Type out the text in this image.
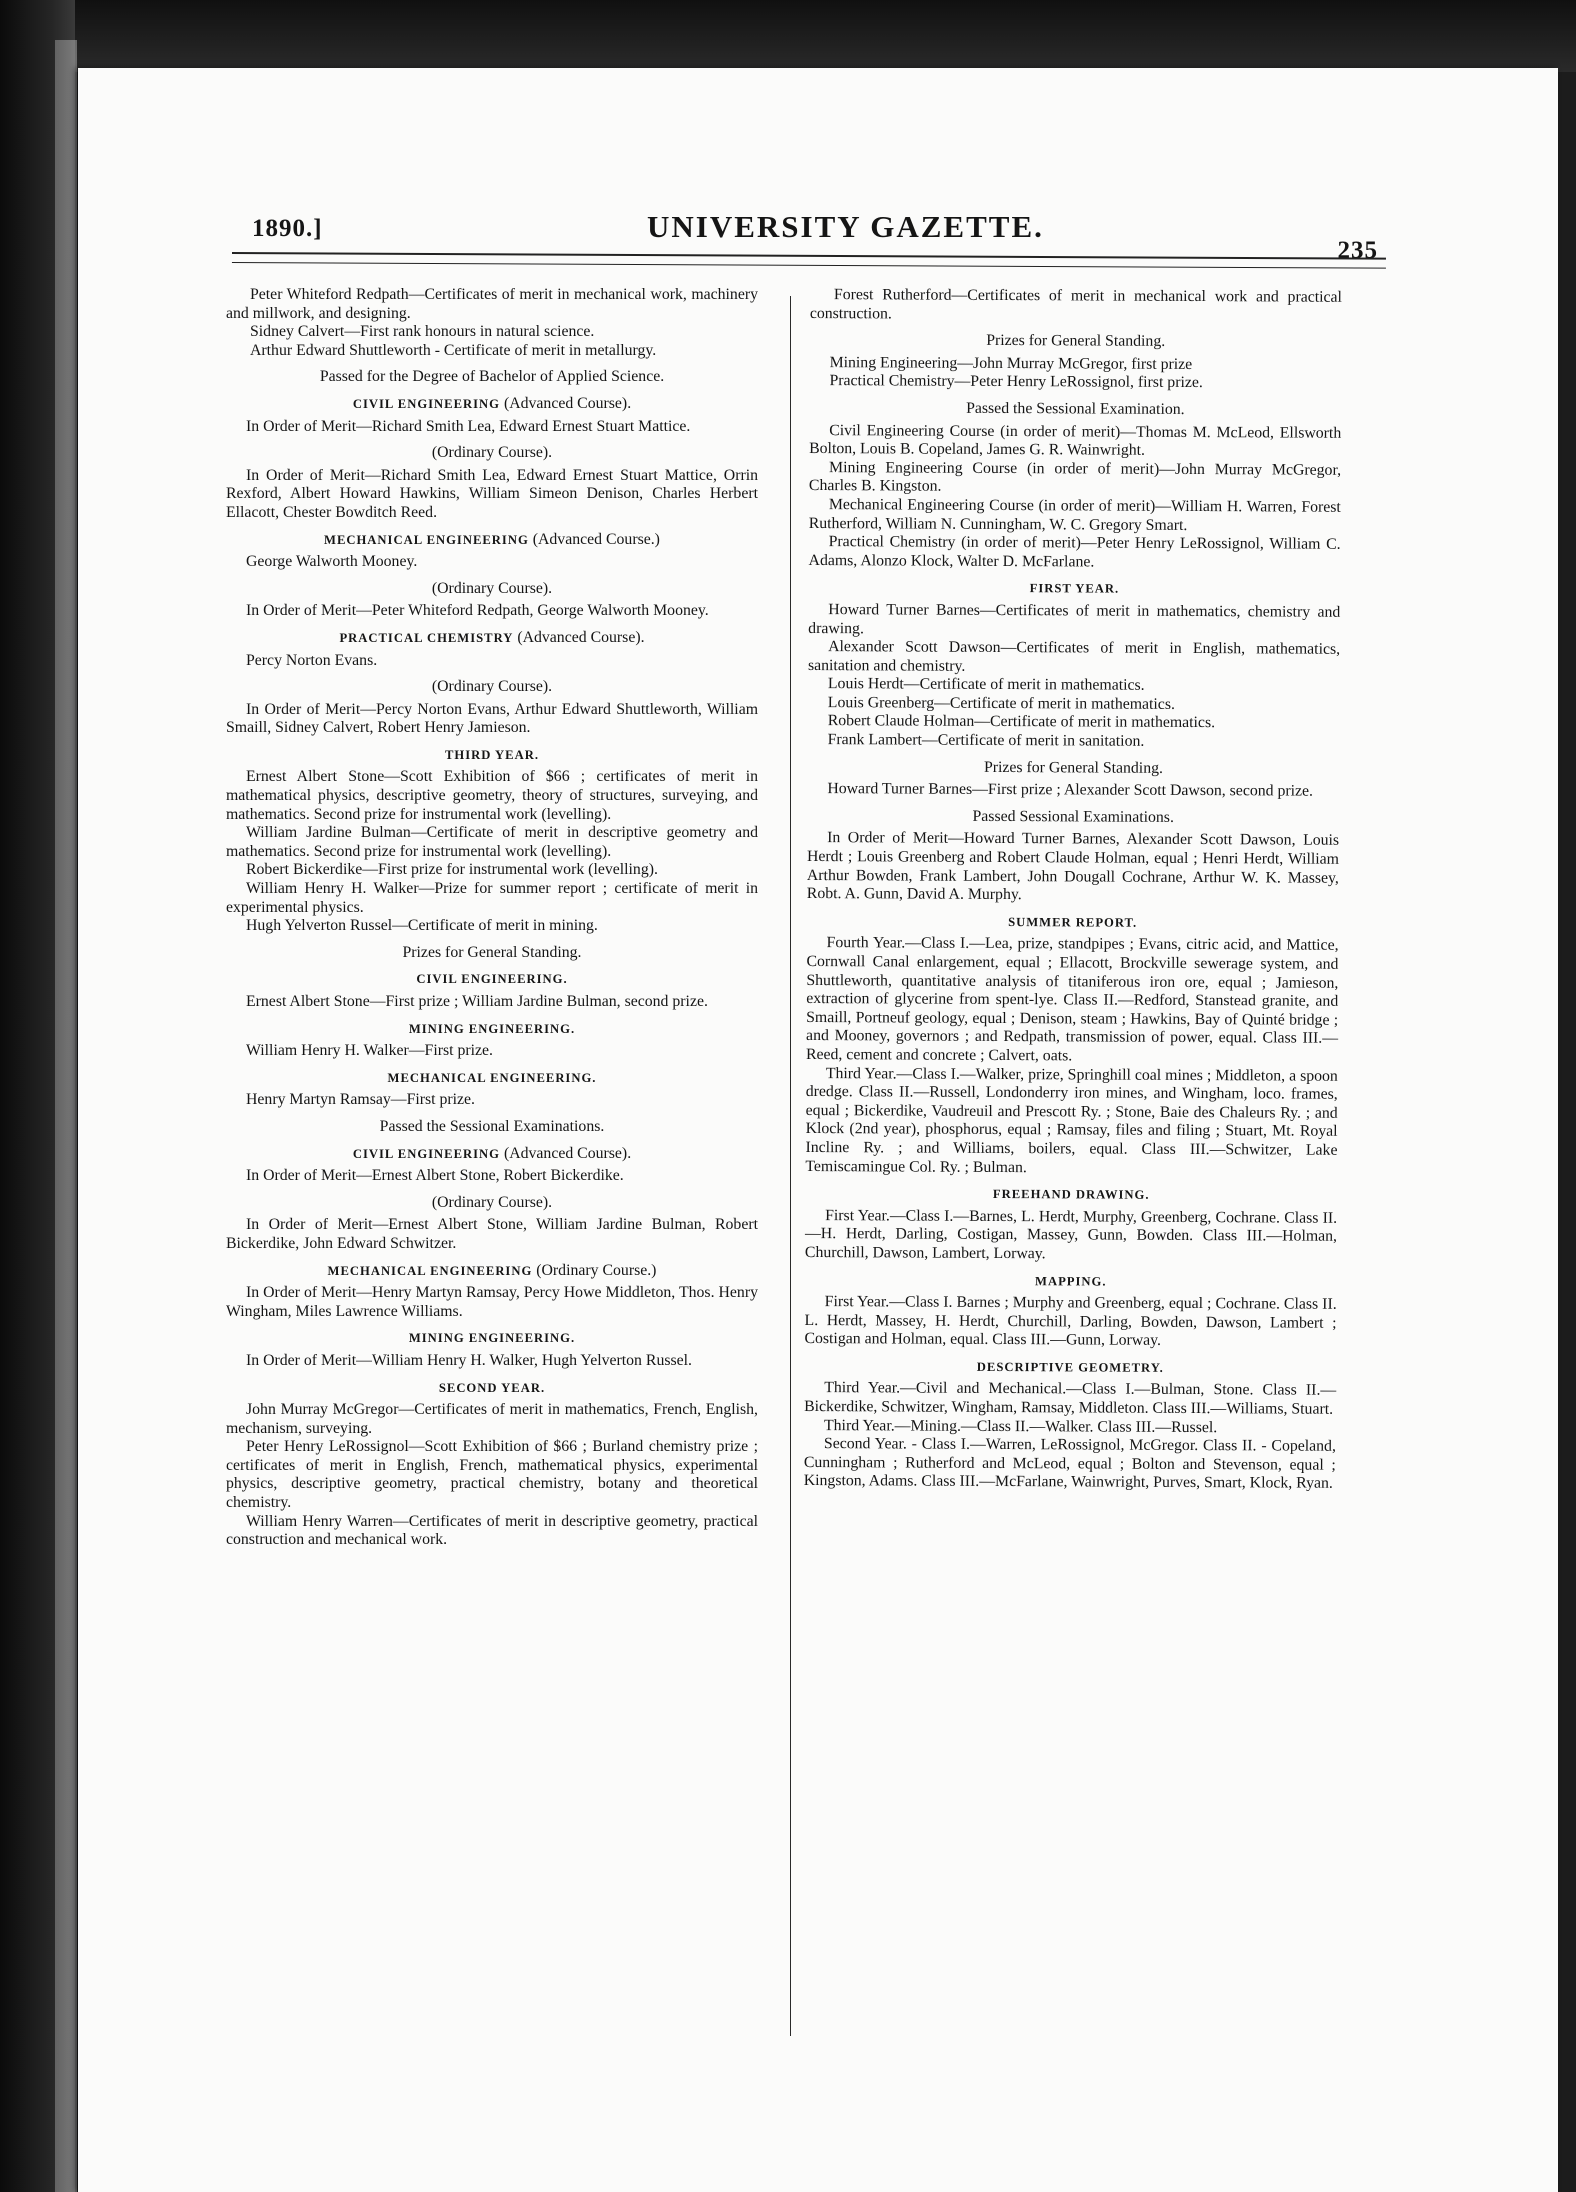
1890.]	UNIVERSITY GAZETTE.
235

Peter Whiteford Redpath—Certificates of merit in mechanical work, machinery and millwork, and designing.

Sidney Calvert—First rank honours in natural science.

Arthur Edward Shuttleworth - Certificate of merit in metallurgy.

Passed for the Degree of Bachelor of Applied Science.

CIVIL ENGINEERING (Advanced Course).

In Order of Merit—Richard Smith Lea, Edward Ernest Stuart Mattice.

(Ordinary Course).

In Order of Merit—Richard Smith Lea, Edward Ernest Stuart Mattice, Orrin Rexford, Albert Howard Hawkins, William Simeon Denison, Charles Herbert Ellacott, Chester Bowditch Reed.

MECHANICAL ENGINEERING (Advanced Course.)

George Walworth Mooney.

(Ordinary Course).

In Order of Merit—Peter Whiteford Redpath, George Walworth Mooney.

PRACTICAL CHEMISTRY (Advanced Course).

Percy Norton Evans.

(Ordinary Course).

In Order of Merit—Percy Norton Evans, Arthur Edward Shuttleworth, William Smaill, Sidney Calvert, Robert Henry Jamieson.

THIRD YEAR.

Ernest Albert Stone—Scott Exhibition of $66 ; certificates of merit in mathematical physics, descriptive geometry, theory of structures, surveying, and mathematics. Second prize for instrumental work (levelling).

William Jardine Bulman—Certificate of merit in descriptive geometry and mathematics. Second prize for instrumental work (levelling).

Robert Bickerdike—First prize for instrumental work (levelling).

William Henry H. Walker—Prize for summer report ; certificate of merit in experimental physics.

Hugh Yelverton Russel—Certificate of merit in mining.

Prizes for General Standing.

CIVIL ENGINEERING.

Ernest Albert Stone—First prize ; William Jardine Bulman, second prize.

MINING ENGINEERING.

William Henry H. Walker—First prize.

MECHANICAL ENGINEERING.

Henry Martyn Ramsay—First prize.

Passed the Sessional Examinations.

CIVIL ENGINEERING (Advanced Course).

In Order of Merit—Ernest Albert Stone, Robert Bickerdike.

(Ordinary Course).

In Order of Merit—Ernest Albert Stone, William Jardine Bulman, Robert Bickerdike, John Edward Schwitzer.

MECHANICAL ENGINEERING (Ordinary Course.)

In Order of Merit—Henry Martyn Ramsay, Percy Howe Middleton, Thos. Henry Wingham, Miles Lawrence Williams.

MINING ENGINEERING.

In Order of Merit—William Henry H. Walker, Hugh Yelverton Russel.

SECOND YEAR.

John Murray McGregor—Certificates of merit in mathematics, French, English, mechanism, surveying.

Peter Henry LeRossignol—Scott Exhibition of $66 ; Burland chemistry prize ; certificates of merit in English, French, mathematical physics, experimental physics, descriptive geometry, practical chemistry, botany and theoretical chemistry.

William Henry Warren—Certificates of merit in descriptive geometry, practical construction and mechanical work.

Forest Rutherford—Certificates of merit in mechanical work and practical construction.

Prizes for General Standing.

Mining Engineering—John Murray McGregor, first prize

Practical Chemistry—Peter Henry LeRossignol, first prize.

Passed the Sessional Examination.

Civil Engineering Course (in order of merit)—Thomas M. McLeod, Ellsworth Bolton, Louis B. Copeland, James G. R. Wainwright.

Mining Engineering Course (in order of merit)—John Murray McGregor, Charles B. Kingston.

Mechanical Engineering Course (in order of merit)—William H. Warren, Forest Rutherford, William N. Cunningham, W. C. Gregory Smart.

Practical Chemistry (in order of merit)—Peter Henry LeRossignol, William C. Adams, Alonzo Klock, Walter D. McFarlane.

FIRST YEAR.

Howard Turner Barnes—Certificates of merit in mathematics, chemistry and drawing.

Alexander Scott Dawson—Certificates of merit in English, mathematics, sanitation and chemistry.

Louis Herdt—Certificate of merit in mathematics.

Louis Greenberg—Certificate of merit in mathematics.

Robert Claude Holman—Certificate of merit in mathematics.

Frank Lambert—Certificate of merit in sanitation.

Prizes for General Standing.

Howard Turner Barnes—First prize ; Alexander Scott Dawson, second prize.

Passed Sessional Examinations.

In Order of Merit—Howard Turner Barnes, Alexander Scott Dawson, Louis Herdt ; Louis Greenberg and Robert Claude Holman, equal ; Henri Herdt, William Arthur Bowden, Frank Lambert, John Dougall Cochrane, Arthur W. K. Massey, Robt. A. Gunn, David A. Murphy.

SUMMER REPORT.

Fourth Year.—Class I.—Lea, prize, standpipes ; Evans, citric acid, and Mattice, Cornwall Canal enlargement, equal ; Ellacott, Brockville sewerage system, and Shuttleworth, quantitative analysis of titaniferous iron ore, equal ; Jamieson, extraction of glycerine from spent-lye. Class II.—Redford, Stanstead granite, and Smaill, Portneuf geology, equal ; Denison, steam ; Hawkins, Bay of Quinté bridge ; and Mooney, governors ; and Redpath, transmission of power, equal. Class III.—Reed, cement and concrete ; Calvert, oats.

Third Year.—Class I.—Walker, prize, Springhill coal mines ; Middleton, a spoon dredge. Class II.—Russell, Londonderry iron mines, and Wingham, loco. frames, equal ; Bickerdike, Vaudreuil and Prescott Ry. ; Stone, Baie des Chaleurs Ry. ; and Klock (2nd year), phosphorus, equal ; Ramsay, files and filing ; Stuart, Mt. Royal Incline Ry. ; and Williams, boilers, equal. Class III.—Schwitzer, Lake Temiscamingue Col. Ry. ; Bulman.

FREEHAND DRAWING.

First Year.—Class I.—Barnes, L. Herdt, Murphy, Greenberg, Cochrane. Class II.—H. Herdt, Darling, Costigan, Massey, Gunn, Bowden. Class III.—Holman, Churchill, Dawson, Lambert, Lorway.

MAPPING.

First Year.—Class I. Barnes ; Murphy and Greenberg, equal ; Cochrane. Class II. L. Herdt, Massey, H. Herdt, Churchill, Darling, Bowden, Dawson, Lambert ; Costigan and Holman, equal. Class III.—Gunn, Lorway.

DESCRIPTIVE GEOMETRY.

Third Year.—Civil and Mechanical.—Class I.—Bulman, Stone. Class II.—Bickerdike, Schwitzer, Wingham, Ramsay, Middleton. Class III.—Williams, Stuart.

Third Year.—Mining.—Class II.—Walker. Class III.—Russel.

Second Year. - Class I.—Warren, LeRossignol, McGregor. Class II. - Copeland, Cunningham ; Rutherford and McLeod, equal ; Bolton and Stevenson, equal ; Kingston, Adams. Class III.—McFarlane, Wainwright, Purves, Smart, Klock, Ryan.
